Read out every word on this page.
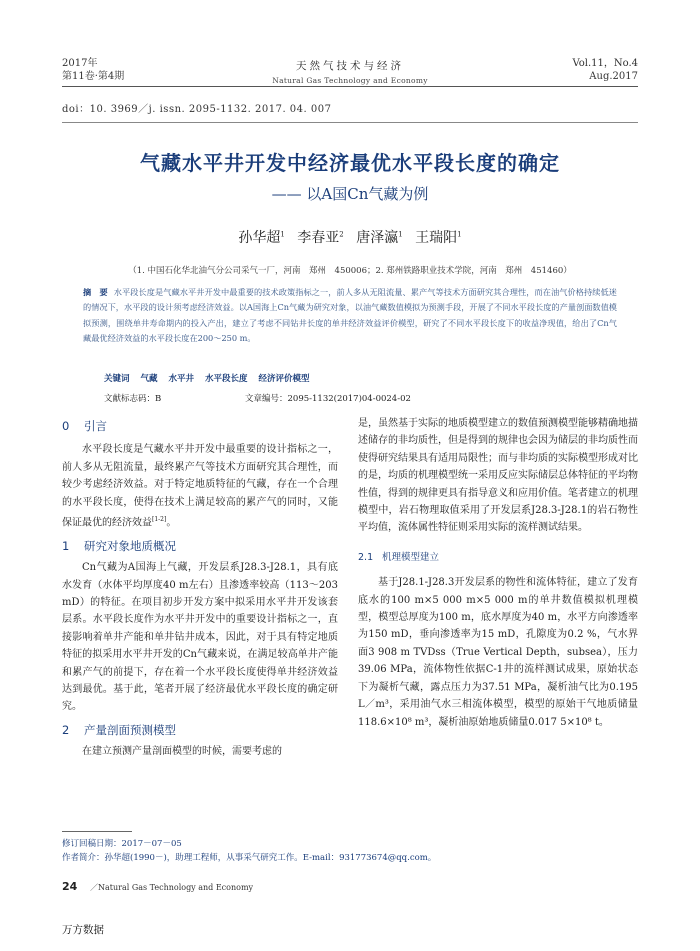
2017年
第11卷·第4期
天然气技术与经济
Natural Gas Technology and Economy
Vol.11，No.4
Aug.2017
doi：10. 3969／j. issn. 2095-1132. 2017. 04. 007
气藏水平井开发中经济最优水平段长度的确定
—— 以A国Cn气藏为例
孙华超$^1$ 李春亚$^2$ 唐泽瀛$^1$ 王瑞阳$^1$
（1. 中国石化华北油气分公司采气一厂，河南　郑州　450006；2. 郑州铁路职业技术学院，河南　郑州　451460）
摘　要 水平段长度是气藏水平井开发中最重要的技术政策指标之一，前人多从无阻流量、累产气等技术方面研究其合理性，而在油气价格持续低迷的情况下，水平段的设计须考虑经济效益。以A国海上Cn气藏为研究对象，以油气藏数值模拟为预测手段，开展了不同水平段长度的产量剖面数值模拟预测，围绕单井寿命期内的投入产出，建立了考虑不同钻井长度的单井经济效益评价模型，研究了不同水平段长度下的收益净现值，给出了Cn气藏最优经济效益的水平段长度在200～250 m。
关键词 气藏 水平井 水平段长度 经济评价模型
文献标志码：B	文章编号：2095-1132(2017)04-0024-02
0 引言

水平段长度是气藏水平井开发中最重要的设计指标之一，前人多从无阻流量，最终累产气等技术方面研究其合理性，而较少考虑经济效益。对于特定地质特征的气藏，存在一个合理的水平段长度，使得在技术上满足较高的累产气的同时，又能保证最优的经济效益[1-2]。

1 研究对象地质概况

Cn气藏为A国海上气藏，开发层系J28.3-J28.1，具有底水发育（水体平均厚度40 m左右）且渗透率较高（113～203 mD）的特征。在项目初步开发方案中拟采用水平井开发该套层系。水平段长度作为水平井开发中的重要设计指标之一，直接影响着单井产能和单井钻井成本，因此，对于具有特定地质特征的拟采用水平井开发的Cn气藏来说，在满足较高单井产能和累产气的前提下，存在着一个水平段长度使得单井经济效益达到最优。基于此，笔者开展了经济最优水平段长度的确定研究。

2 产量剖面预测模型

在建立预测产量剖面模型的时候，需要考虑的

是，虽然基于实际的地质模型建立的数值预测模型能够精确地描述储存的非均质性，但是得到的规律也会因为储层的非均质性而使得研究结果具有适用局限性；而与非均质的实际模型形成对比的是，均质的机理模型统一采用反应实际储层总体特征的平均物性值，得到的规律更具有指导意义和应用价值。笔者建立的机理模型中，岩石物理取值采用了开发层系J28.3-J28.1的岩石物性平均值，流体属性特征则采用实际的流样测试结果。

2.1 机理模型建立

基于J28.1-J28.3开发层系的物性和流体特征，建立了发育底水的100 m×5 000 m×5 000 m的单井数值模拟机理模型，模型总厚度为100 m，底水厚度为40 m，水平方向渗透率为150 mD，垂向渗透率为15 mD，孔隙度为0.2 %，气水界面3 908 m TVDss（True Vertical Depth，subsea），压力39.06 MPa，流体物性依据C-1井的流样测试成果，原始状态下为凝析气藏，露点压力为37.51 MPa，凝析油气比为0.195 L／m³，采用油气水三相流体模型，模型的原始干气地质储量118.6×10⁸ m³，凝析油原始地质储量0.017 5×10⁸ t。

修订回稿日期：2017－07－05
作者简介：孙华超(1990－)，助理工程师，从事采气研究工作。E-mail：931773674@qq.com。
24 ／Natural Gas Technology and Economy
万方数据
